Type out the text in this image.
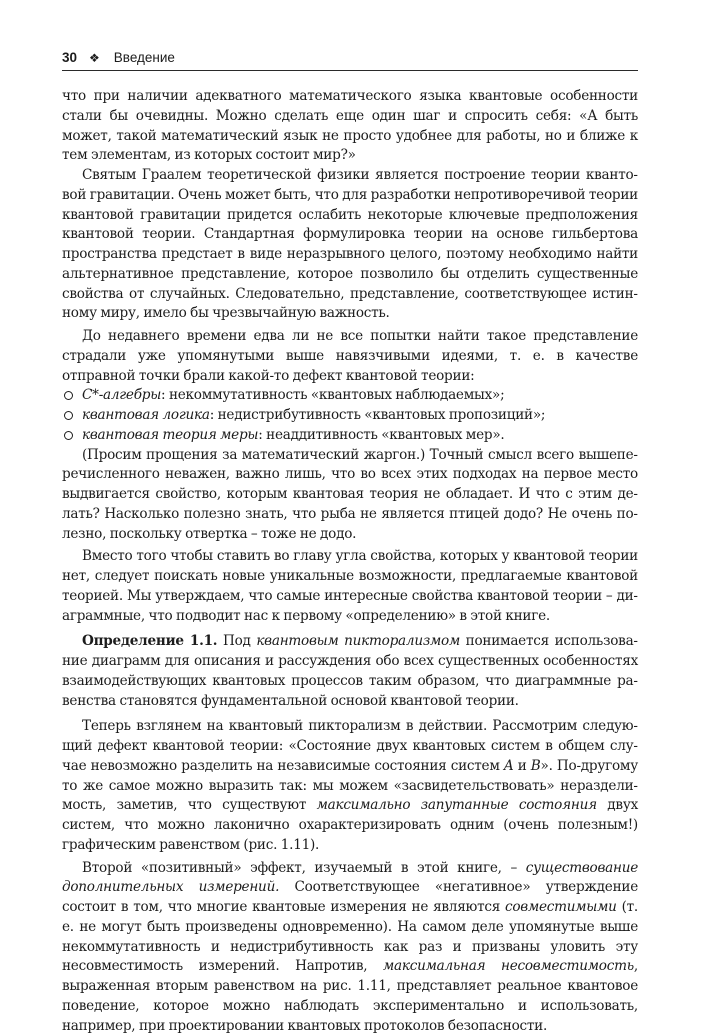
30 ❖ Введение

что при наличии адекватного математического языка квантовые особенности стали бы очевидны. Можно сделать еще один шаг и спросить себя: «А быть может, такой математический язык не просто удобнее для работы, но и ближе к тем элементам, из которых состоит мир?»

Святым Граалем теоретической физики является построение теории квантовой гравитации. Очень может быть, что для разработки непротиворечивой теории квантовой гравитации придется ослабить некоторые ключевые предположения квантовой теории. Стандартная формулировка теории на основе гильбертова пространства предстает в виде неразрывного целого, поэтому необходимо найти альтернативное представление, которое позволило бы отделить существенные свойства от случайных. Следовательно, представление, соответствующее истинному миру, имело бы чрезвычайную важность.

До недавнего времени едва ли не все попытки найти такое представление страдали уже упомянутыми выше навязчивыми идеями, т. е. в качестве отправной точки брали какой-то дефект квантовой теории:

C*-алгебры: некоммутативность «квантовых наблюдаемых»;
квантовая логика: недистрибутивность «квантовых пропозиций»;
квантовая теория меры: неаддитивность «квантовых мер».

(Просим прощения за математический жаргон.) Точный смысл всего вышеперечисленного неважен, важно лишь, что во всех этих подходах на первое место выдвигается свойство, которым квантовая теория не обладает. И что с этим делать? Насколько полезно знать, что рыба не является птицей додо? Не очень полезно, поскольку отвертка – тоже не додо.

Вместо того чтобы ставить во главу угла свойства, которых у квантовой теории нет, следует поискать новые уникальные возможности, предлагаемые квантовой теорией. Мы утверждаем, что самые интересные свойства квантовой теории – диаграммные, что подводит нас к первому «определению» в этой книге.

Определение 1.1. Под квантовым пикторализмом понимается использование диаграмм для описания и рассуждения обо всех существенных особенностях взаимодействующих квантовых процессов таким образом, что диаграммные равенства становятся фундаментальной основой квантовой теории.

Теперь взглянем на квантовый пикторализм в действии. Рассмотрим следующий дефект квантовой теории: «Состояние двух квантовых систем в общем случае невозможно разделить на независимые состояния систем A и B». По-другому то же самое можно выразить так: мы можем «засвидетельствовать» неразделимость, заметив, что существуют максимально запутанные состояния двух систем, что можно лаконично охарактеризировать одним (очень полезным!) графическим равенством (рис. 1.11).

Второй «позитивный» эффект, изучаемый в этой книге, – существование дополнительных измерений. Соответствующее «негативное» утверждение состоит в том, что многие квантовые измерения не являются совместимыми (т. е. не могут быть произведены одновременно). На самом деле упомянутые выше некоммутативность и недистрибутивность как раз и призваны уловить эту несовместимость измерений. Напротив, максимальная несовместимость, выраженная вторым равенством на рис. 1.11, представляет реальное квантовое поведение, которое можно наблюдать экспериментально и использовать, например, при проектировании квантовых протоколов безопасности.
